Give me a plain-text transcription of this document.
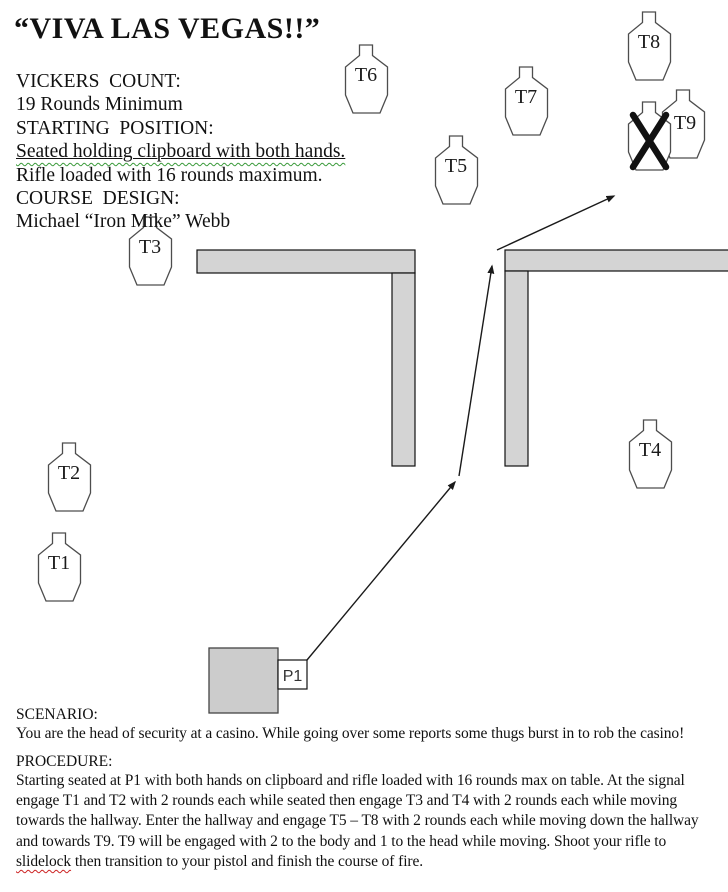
T1
T2
T3
T4
T5
T6
T7
T8
T9
P1
“VIVA LAS VEGAS!!”
VICKERS  COUNT:
19 Rounds Minimum
STARTING  POSITION:
Seated holding clipboard with both hands.
Rifle loaded with 16 rounds maximum.
COURSE  DESIGN:
Michael “Iron Mike” Webb
SCENARIO:
You are the head of security at a casino. While going over some reports some thugs burst in to rob the casino!
PROCEDURE:
Starting seated at P1 with both hands on clipboard and rifle loaded with 16 rounds max on table. At the signal
engage T1 and T2 with 2 rounds each while seated then engage T3 and T4 with 2 rounds each while moving
towards the hallway. Enter the hallway and engage T5 – T8 with 2 rounds each while moving down the hallway
and towards T9. T9 will be engaged with 2 to the body and 1 to the head while moving. Shoot your rifle to
slidelock then transition to your pistol and finish the course of fire.
